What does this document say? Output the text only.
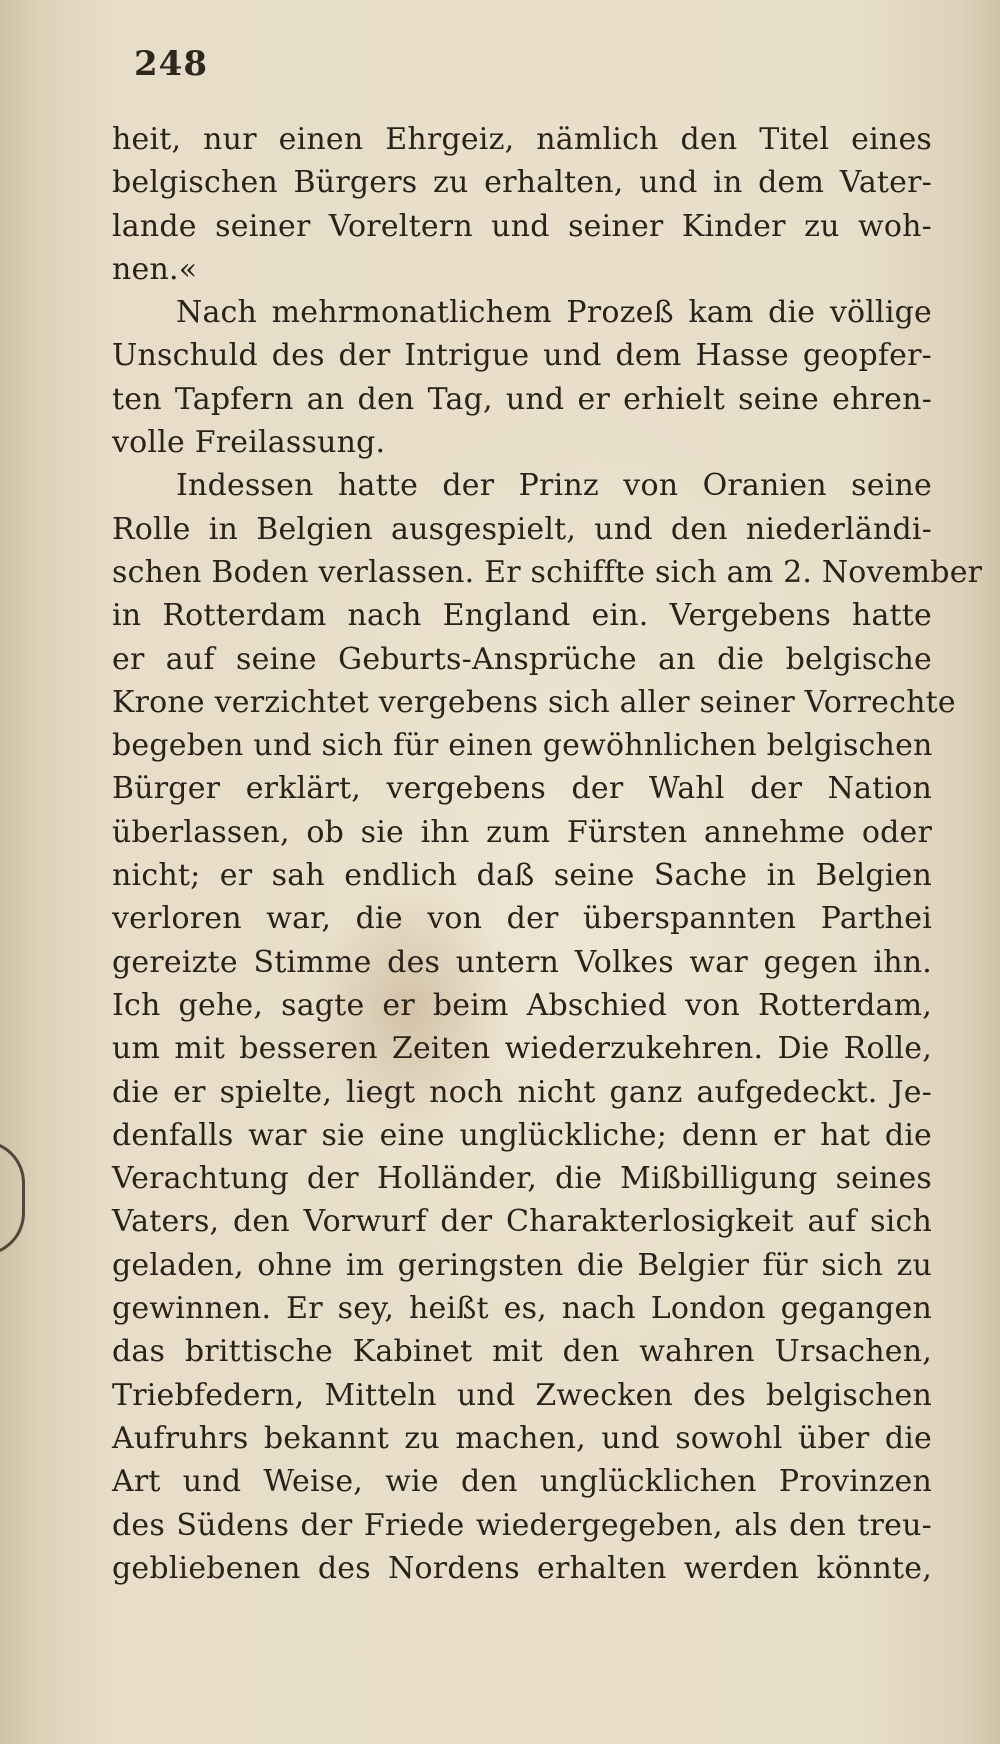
248
heit, nur einen Ehrgeiz, nämlich den Titel eines
belgischen Bürgers zu erhalten, und in dem Vater-
lande seiner Voreltern und seiner Kinder zu woh-
nen.«
Nach mehrmonatlichem Prozeß kam die völlige
Unschuld des der Intrigue und dem Hasse geopfer-
ten Tapfern an den Tag, und er erhielt seine ehren-
volle Freilassung.
Indessen hatte der Prinz von Oranien seine
Rolle in Belgien ausgespielt, und den niederländi-
schen Boden verlassen. Er schiffte sich am 2. November
in Rotterdam nach England ein. Vergebens hatte
er auf seine Geburts-Ansprüche an die belgische
Krone verzichtet vergebens sich aller seiner Vorrechte
begeben und sich für einen gewöhnlichen belgischen
Bürger erklärt, vergebens der Wahl der Nation
überlassen, ob sie ihn zum Fürsten annehme oder
nicht; er sah endlich daß seine Sache in Belgien
verloren war, die von der überspannten Parthei
gereizte Stimme des untern Volkes war gegen ihn.
Ich gehe, sagte er beim Abschied von Rotterdam,
um mit besseren Zeiten wiederzukehren. Die Rolle,
die er spielte, liegt noch nicht ganz aufgedeckt. Je-
denfalls war sie eine unglückliche; denn er hat die
Verachtung der Holländer, die Mißbilligung seines
Vaters, den Vorwurf der Charakterlosigkeit auf sich
geladen, ohne im geringsten die Belgier für sich zu
gewinnen. Er sey, heißt es, nach London gegangen
das brittische Kabinet mit den wahren Ursachen,
Triebfedern, Mitteln und Zwecken des belgischen
Aufruhrs bekannt zu machen, und sowohl über die
Art und Weise, wie den unglücklichen Provinzen
des Südens der Friede wiedergegeben, als den treu-
gebliebenen des Nordens erhalten werden könnte,
